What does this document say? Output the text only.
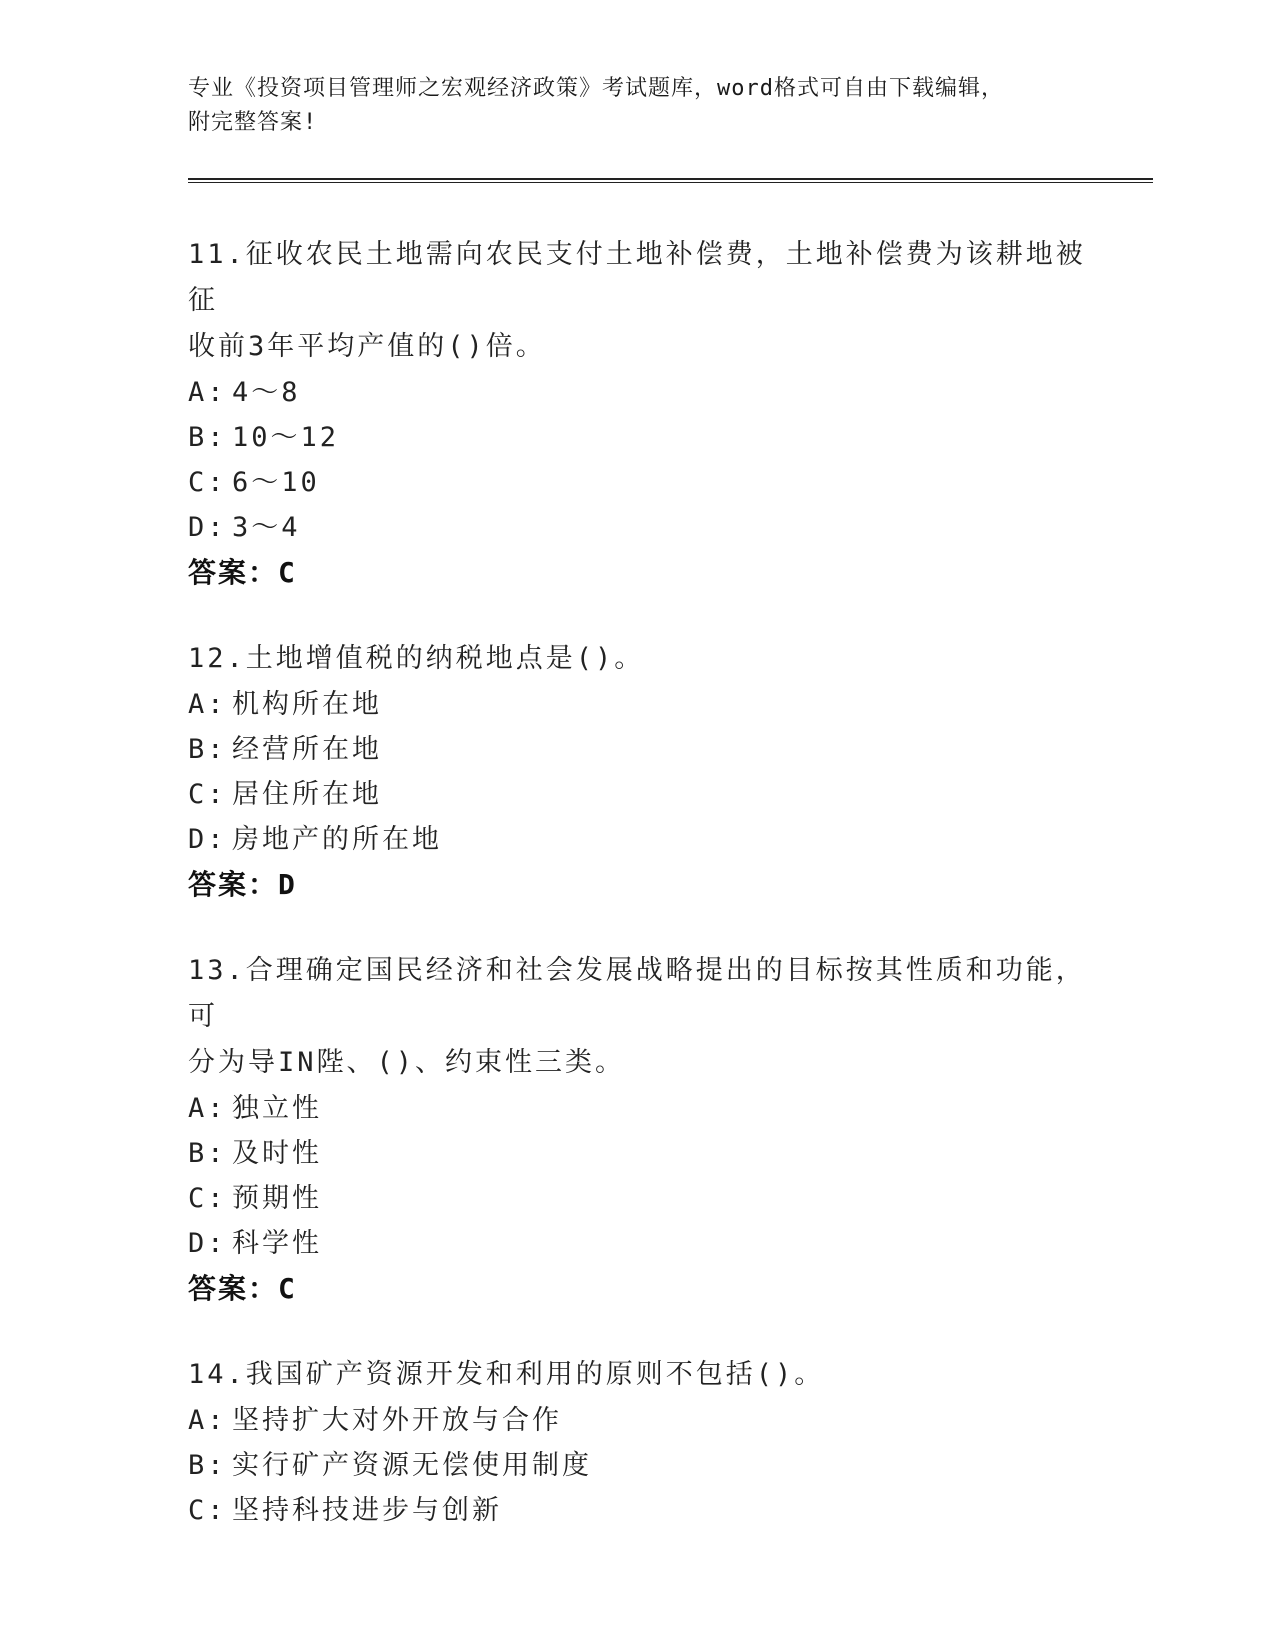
专业《投资项目管理师之宏观经济政策》考试题库，word格式可自由下载编辑，
附完整答案!
11.征收农民土地需向农民支付土地补偿费，土地补偿费为该耕地被征
收前3年平均产值的()倍。
A: 4～8
B: 10～12
C: 6～10
D: 3～4
答案：C
12.土地增值税的纳税地点是()。
A: 机构所在地
B: 经营所在地
C: 居住所在地
D: 房地产的所在地
答案：D
13.合理确定国民经济和社会发展战略提出的目标按其性质和功能，可
分为导IN陛、()、约束性三类。
A: 独立性
B: 及时性
C: 预期性
D: 科学性
答案：C
14.我国矿产资源开发和利用的原则不包括()。
A: 坚持扩大对外开放与合作
B: 实行矿产资源无偿使用制度
C: 坚持科技进步与创新
